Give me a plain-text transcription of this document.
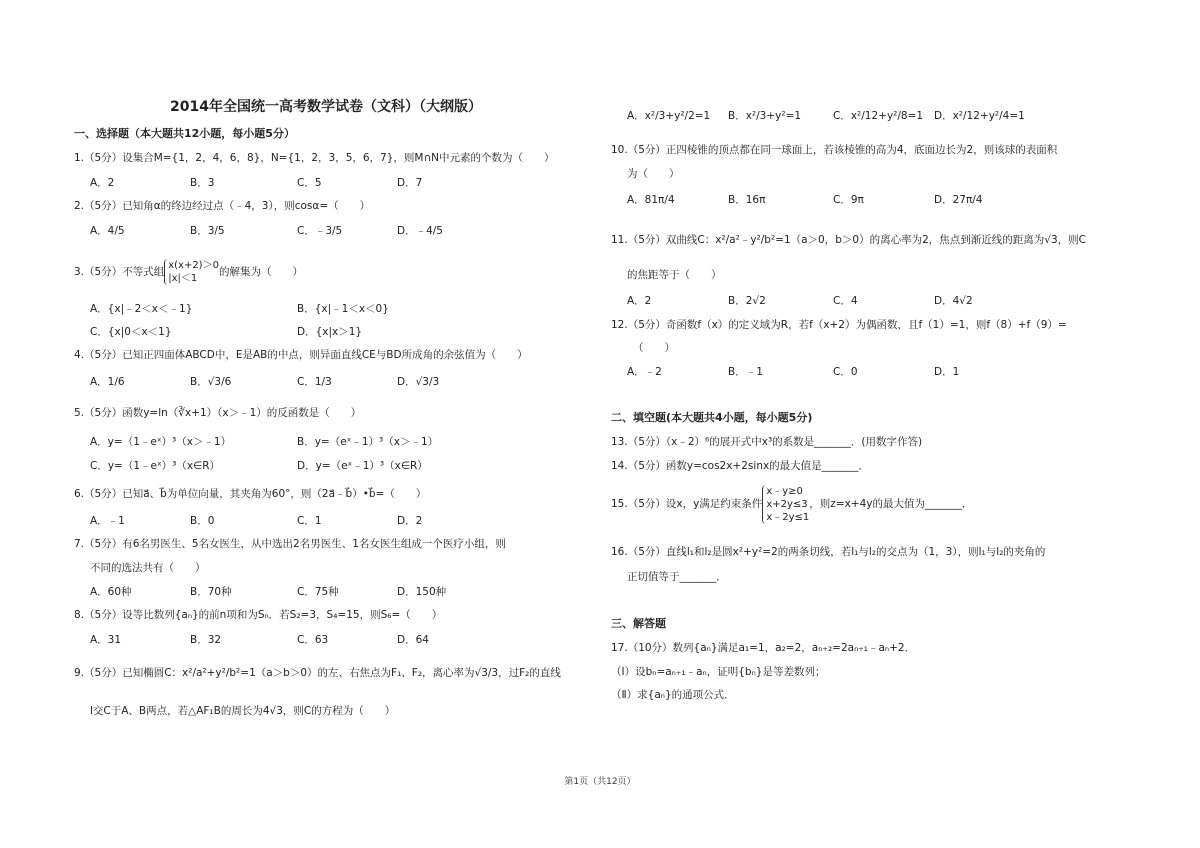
2014年全国统一高考数学试卷（文科）（大纲版）
一、选择题（本大题共12小题，每小题5分）
1.（5分）设集合M={1，2，4，6，8}，N={1，2，3，5，6，7}，则M∩N中元素的个数为（　　）
A．2	B．3	C．5	D．7
2.（5分）已知角α的终边经过点（﹣4，3），则cosα=（　　）
A．4/5	B．3/5	C．﹣3/5	D．﹣4/5
3.（5分）不等式组x(x+2)＞0
|x|＜1的解集为（　　）
A．{x|﹣2＜x＜﹣1}	B．{x|﹣1＜x＜0}
C．{x|0＜x＜1}	D．{x|x＞1}
4.（5分）已知正四面体ABCD中，E是AB的中点，则异面直线CE与BD所成角的余弦值为（　　）
A．1/6	B．√3/6	C．1/3	D．√3/3
5.（5分）函数y=ln（∛x+1）（x＞﹣1）的反函数是（　　）
A．y=（1﹣eˣ）³（x＞﹣1）	B．y=（eˣ﹣1）³（x＞﹣1）
C．y=（1﹣eˣ）³（x∈R）	D．y=（eˣ﹣1）³（x∈R）
6.（5分）已知a⃗、b⃗为单位向量，其夹角为60°，则（2a⃗﹣b⃗）•b⃗=（　　）
A．﹣1	B．0	C．1	D．2
7.（5分）有6名男医生、5名女医生，从中选出2名男医生、1名女医生组成一个医疗小组，则
不同的选法共有（　　）
A．60种	B．70种	C．75种	D．150种
8.（5分）设等比数列{aₙ}的前n项和为Sₙ．若S₂=3，S₄=15，则S₆=（　　）
A．31	B．32	C．63	D．64
9.（5分）已知椭圆C：x²/a²+y²/b²=1（a＞b＞0）的左、右焦点为F₁、F₂，离心率为√3/3，过F₂的直线
l交C于A、B两点，若△AF₁B的周长为4√3，则C的方程为（　　）
A．x²/3+y²/2=1 B．x²/3+y²=1	C．x²/12+y²/8=1 D．x²/12+y²/4=1
10.（5分）正四棱锥的顶点都在同一球面上，若该棱锥的高为4，底面边长为2，则该球的表面积
为（　　）
A．81π/4	B．16π	C．9π	D．27π/4
11.（5分）双曲线C：x²/a²﹣y²/b²=1（a＞0，b＞0）的离心率为2，焦点到渐近线的距离为√3，则C
的焦距等于（　　）
A．2	B．2√2	C．4	D．4√2
12.（5分）奇函数f（x）的定义域为R，若f（x+2）为偶函数，且f（1）=1，则f（8）+f（9）=
（　　）
A．﹣2	B．﹣1	C．0	D．1
二、填空题(本大题共4小题，每小题5分)
13.（5分）（x﹣2）⁶的展开式中x³的系数是_______．(用数字作答)
14.（5分）函数y=cos2x+2sinx的最大值是_______．
15.（5分）设x，y满足约束条件x﹣y≥0
x+2y≤3
x﹣2y≤1，则z=x+4y的最大值为_______．
16.（5分）直线l₁和l₂是圆x²+y²=2的两条切线，若l₁与l₂的交点为（1，3），则l₁与l₂的夹角的
正切值等于_______．
三、解答题
17.（10分）数列{aₙ}满足a₁=1，a₂=2，aₙ₊₂=2aₙ₊₁﹣aₙ+2．
（Ⅰ）设bₙ=aₙ₊₁﹣aₙ，证明{bₙ}是等差数列；
（Ⅱ）求{aₙ}的通项公式．
第1页（共12页）
